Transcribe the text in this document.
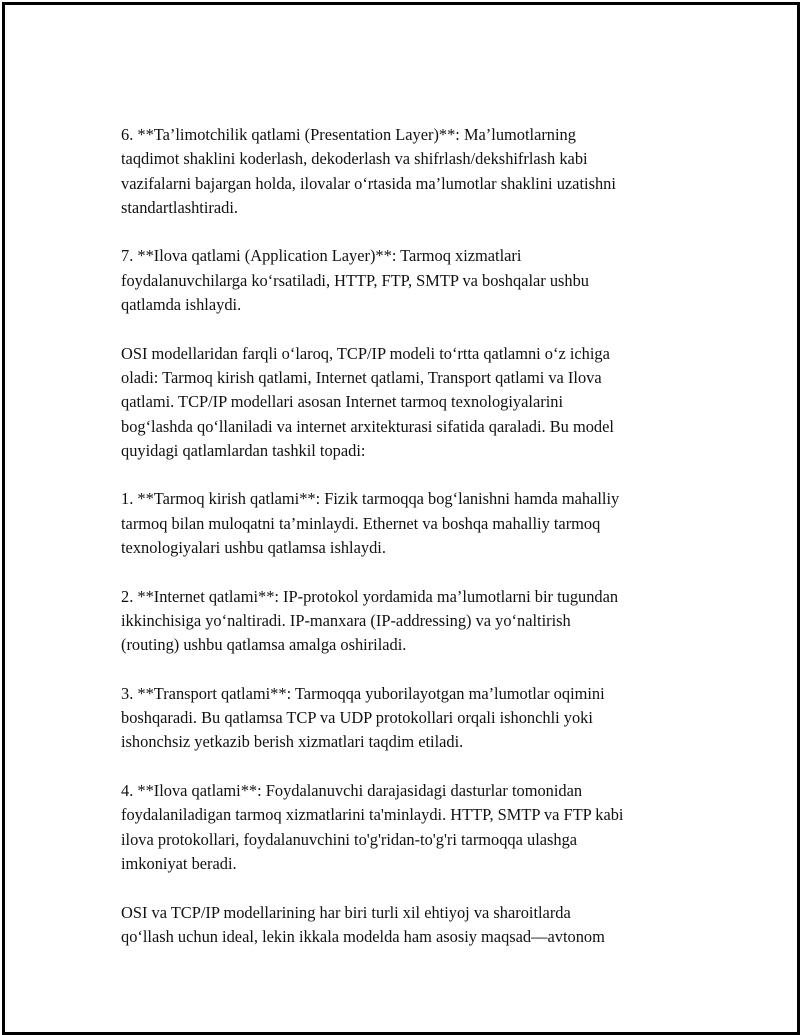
6. **Ta’limotchilik qatlami (Presentation Layer)**: Ma’lumotlarning
taqdimot shaklini koderlash, dekoderlash va shifrlash/dekshifrlash kabi
vazifalarni bajargan holda, ilovalar o‘rtasida ma’lumotlar shaklini uzatishni
standartlashtiradi.

7. **Ilova qatlami (Application Layer)**: Tarmoq xizmatlari
foydalanuvchilarga ko‘rsatiladi, HTTP, FTP, SMTP va boshqalar ushbu
qatlamda ishlaydi.

OSI modellaridan farqli o‘laroq, TCP/IP modeli to‘rtta qatlamni o‘z ichiga
oladi: Tarmoq kirish qatlami, Internet qatlami, Transport qatlami va Ilova
qatlami. TCP/IP modellari asosan Internet tarmoq texnologiyalarini
bog‘lashda qo‘llaniladi va internet arxitekturasi sifatida qaraladi. Bu model
quyidagi qatlamlardan tashkil topadi:

1. **Tarmoq kirish qatlami**: Fizik tarmoqqa bog‘lanishni hamda mahalliy
tarmoq bilan muloqatni ta’minlaydi. Ethernet va boshqa mahalliy tarmoq
texnologiyalari ushbu qatlamsa ishlaydi.

2. **Internet qatlami**: IP-protokol yordamida ma’lumotlarni bir tugundan
ikkinchisiga yo‘naltiradi. IP-manxara (IP-addressing) va yo‘naltirish
(routing) ushbu qatlamsa amalga oshiriladi.

3. **Transport qatlami**: Tarmoqqa yuborilayotgan ma’lumotlar oqimini
boshqaradi. Bu qatlamsa TCP va UDP protokollari orqali ishonchli yoki
ishonchsiz yetkazib berish xizmatlari taqdim etiladi.

4. **Ilova qatlami**: Foydalanuvchi darajasidagi dasturlar tomonidan
foydalaniladigan tarmoq xizmatlarini ta'minlaydi. HTTP, SMTP va FTP kabi
ilova protokollari, foydalanuvchini to'g'ridan-to'g'ri tarmoqqa ulashga
imkoniyat beradi.

OSI va TCP/IP modellarining har biri turli xil ehtiyoj va sharoitlarda
qo‘llash uchun ideal, lekin ikkala modelda ham asosiy maqsad—avtonom
